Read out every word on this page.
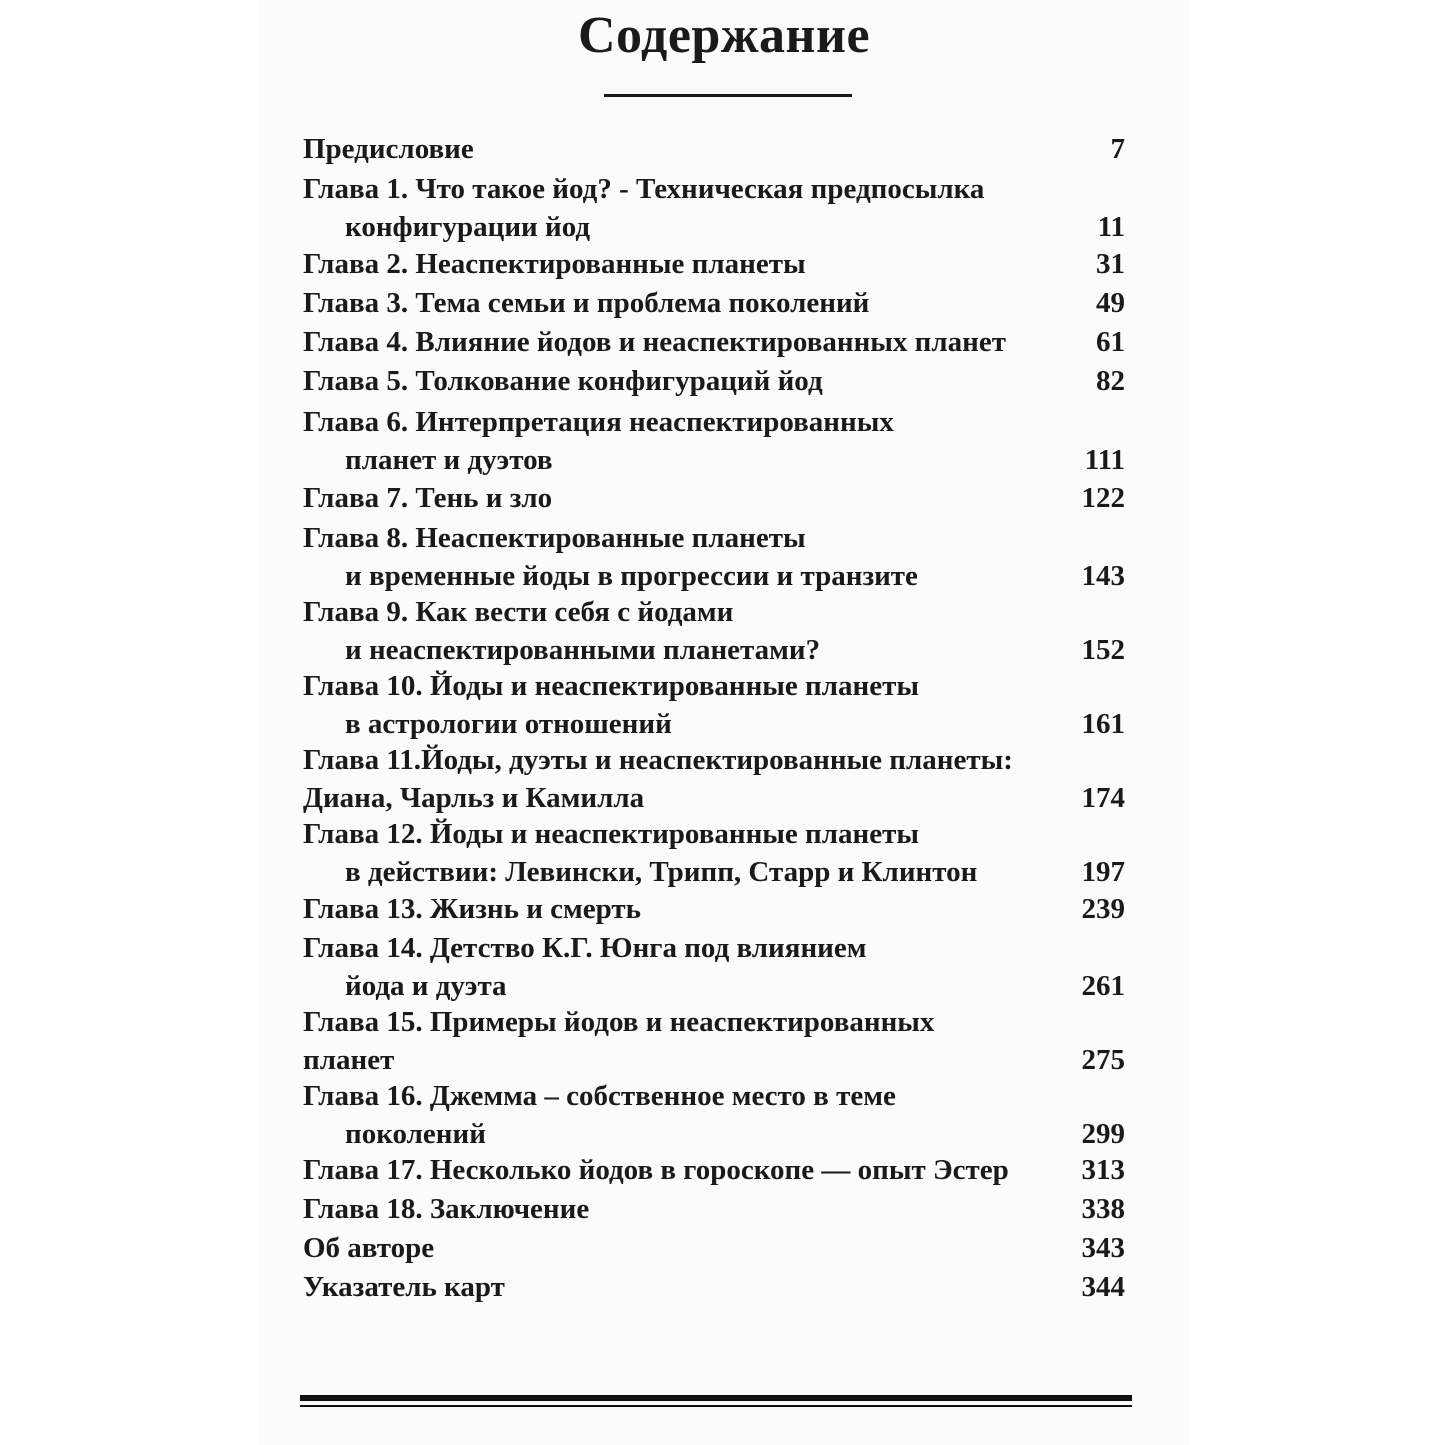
Содержание
Предисловие	7
Глава 1. Что такое йод? - Техническая предпосылка
конфигурации йод	11
Глава 2. Неаспектированные планеты	31
Глава 3. Тема семьи и проблема поколений	49
Глава 4. Влияние йодов и неаспектированных планет	61
Глава 5. Толкование конфигураций йод	82
Глава 6. Интерпретация неаспектированных
планет и дуэтов	111
Глава 7. Тень и зло	122
Глава 8. Неаспектированные планеты
и временные йоды в прогрессии и транзите	143
Глава 9. Как вести себя с йодами
и неаспектированными планетами?	152
Глава 10. Йоды и неаспектированные планеты
в астрологии отношений	161
Глава 11.Йоды, дуэты и неаспектированные планеты:
Диана, Чарльз и Камилла	174
Глава 12. Йоды и неаспектированные планеты
в действии: Левински, Трипп, Старр и Клинтон	197
Глава 13. Жизнь и смерть	239
Глава 14. Детство К.Г. Юнга под влиянием
йода и дуэта	261
Глава 15. Примеры йодов и неаспектированных
планет	275
Глава 16. Джемма – собственное место в теме
поколений	299
Глава 17. Несколько йодов в гороскопе — опыт Эстер	313
Глава 18. Заключение	338
Об авторе	343
Указатель карт	344
